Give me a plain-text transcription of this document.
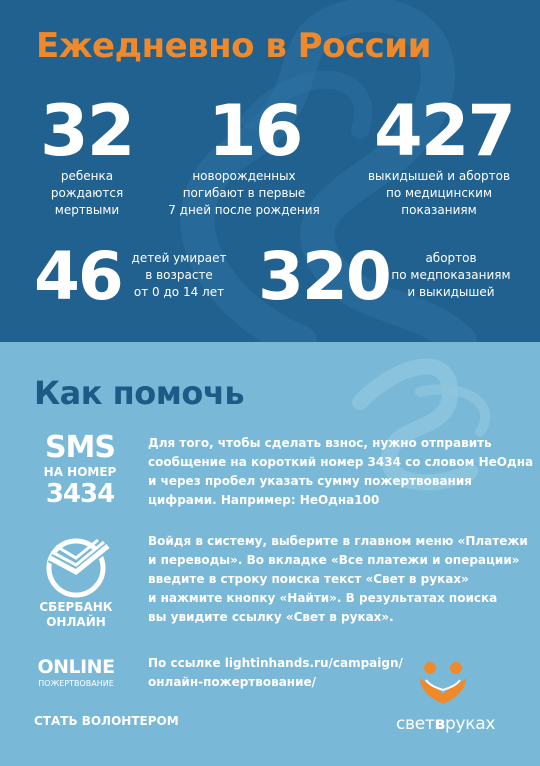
Ежедневно в России
32
ребенка
рождаются
мертвыми
16
новорожденных
погибают в первые
7 дней после рождения
427
выкидышей и абортов
по медицинским
показаниям
46 детей умирает
в возрасте
от 0 до 14 лет 320	абортов
по медпоказаниям
и выкидышей
Как помочь
SMS
НА НОМЕР
3434
Для того, чтобы сделать взнос, нужно отправить
сообщение на короткий номер 3434 со словом НеОдна
и через пробел указать сумму пожертвования
цифрами. Например: НеОдна100
СБЕРБАНК
ОНЛАЙН
Войдя в систему, выберите в главном меню «Платежи
и переводы». Во вкладке «Все платежи и операции»
введите в строку поиска текст «Свет в руках»
и нажмите кнопку «Найти». В результатах поиска
вы увидите ссылку «Свет в руках».
ONLINE
ПОЖЕРТВОВАНИЕ
По ссылке lightinhands.ru/campaign/
онлайн-пожертвование/
СТАТЬ ВОЛОНТЕРОМ	светвруках
